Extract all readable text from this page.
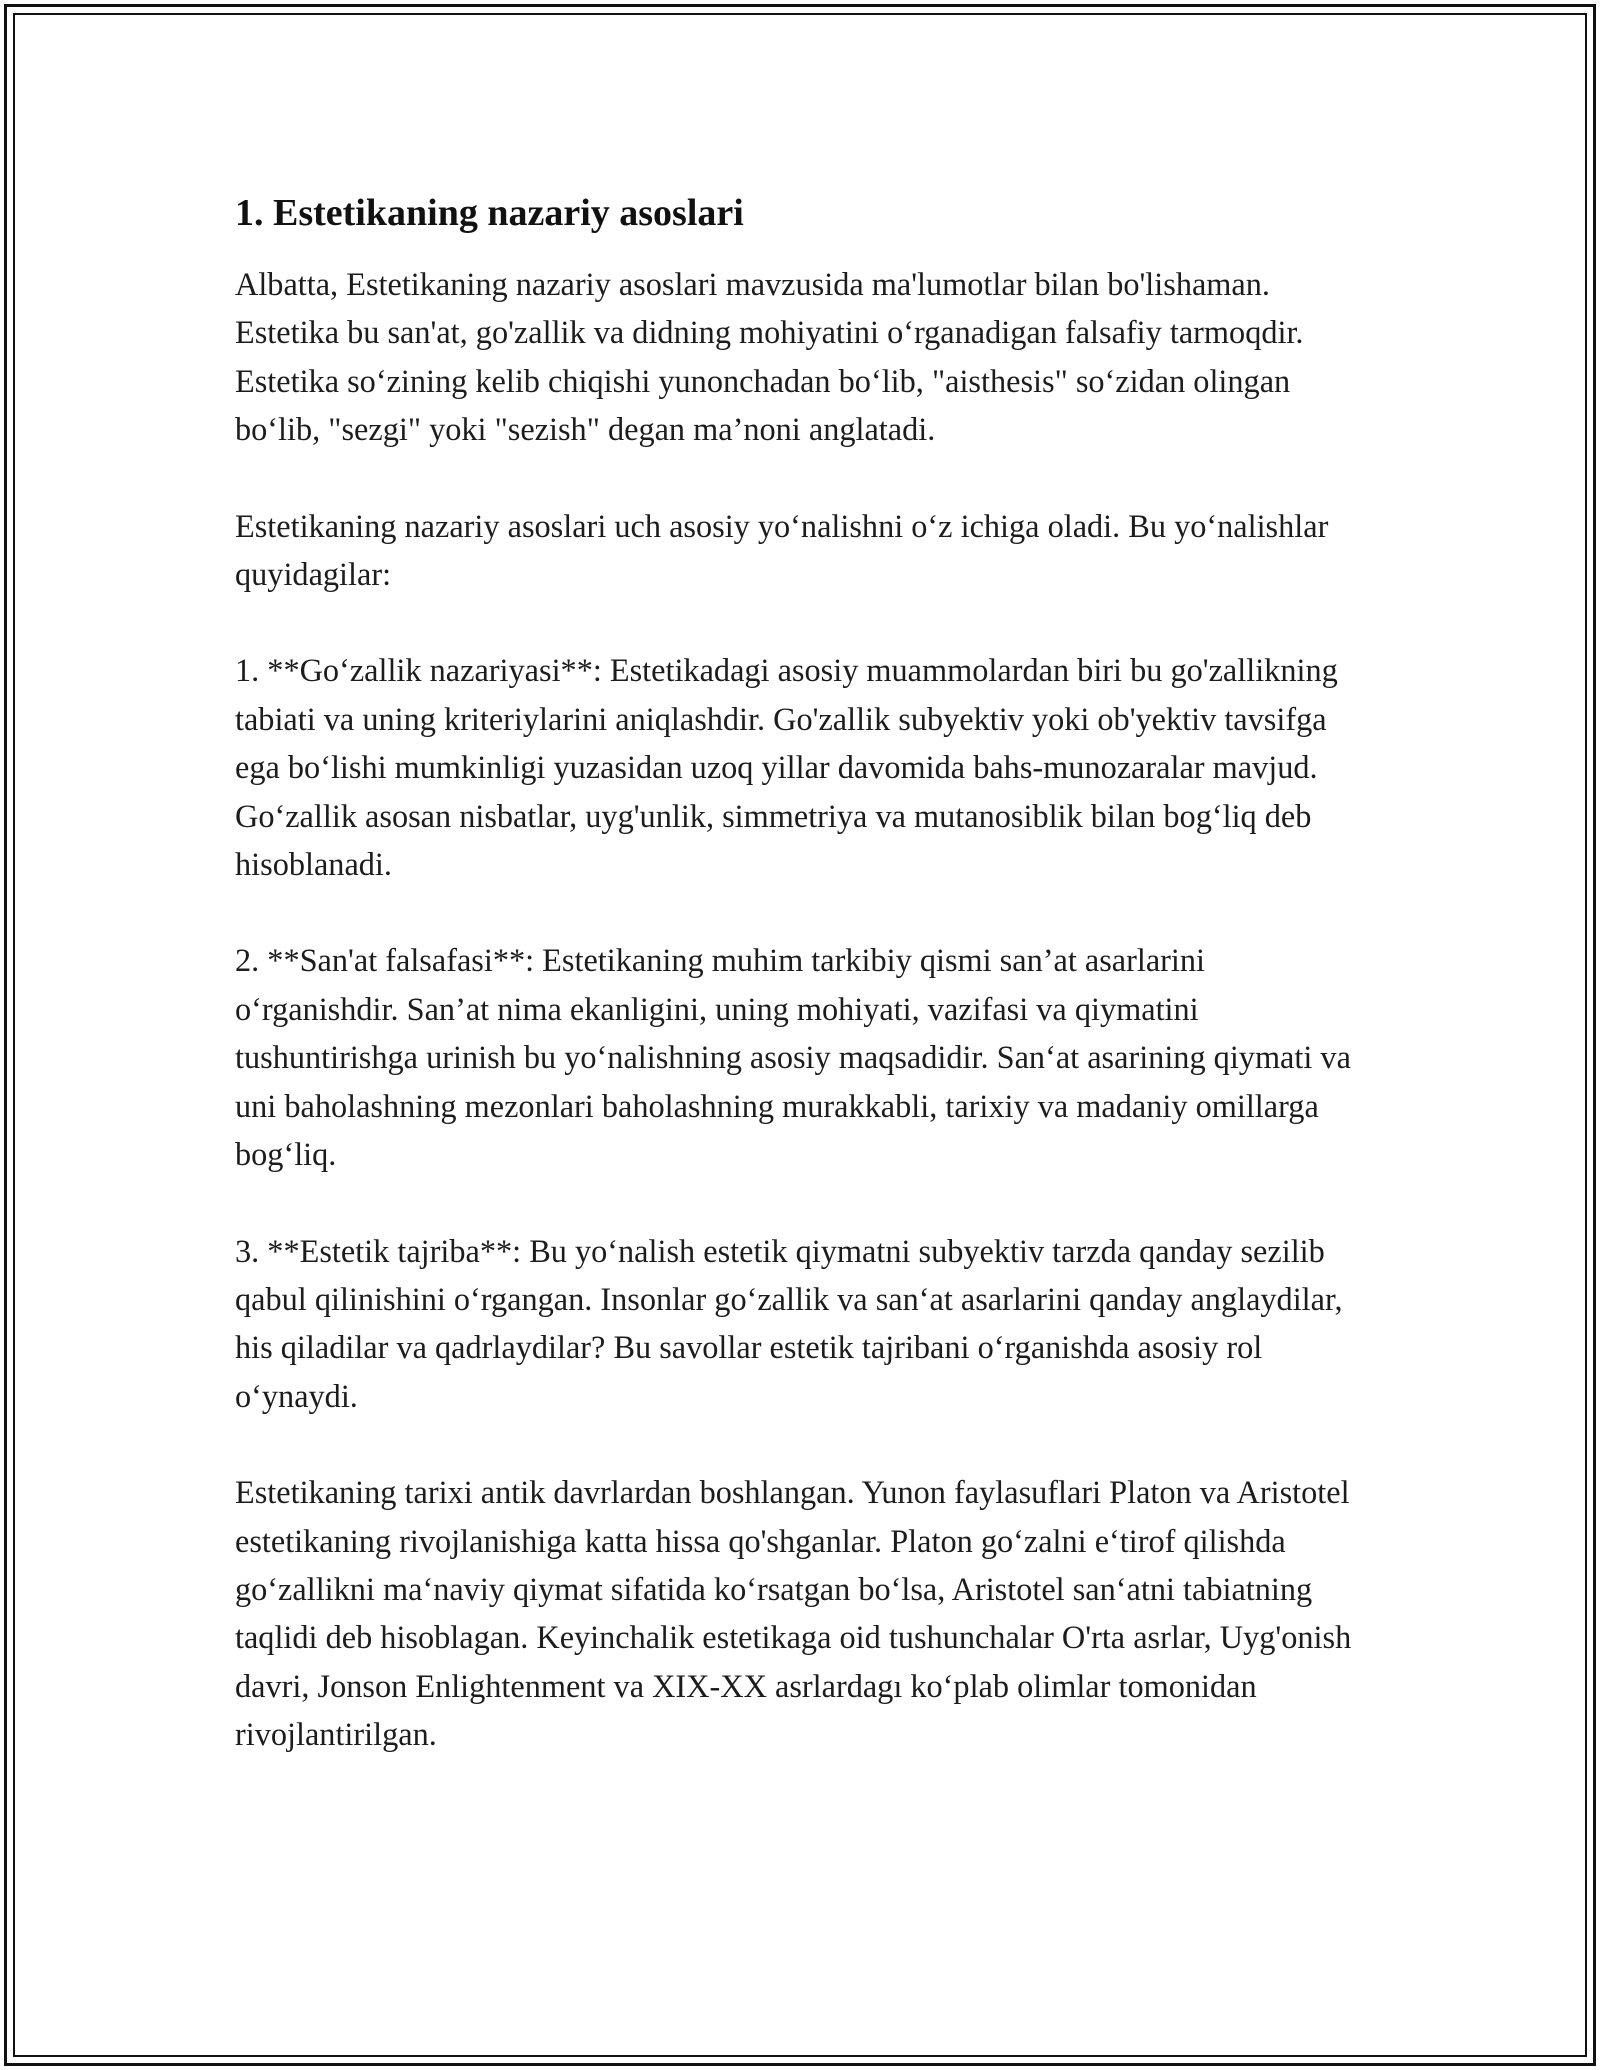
1. Estetikaning nazariy asoslari

Albatta, Estetikaning nazariy asoslari mavzusida ma'lumotlar bilan bo'lishaman. Estetika bu san'at, go'zallik va didning mohiyatini o‘rganadigan falsafiy tarmoqdir. Estetika so‘zining kelib chiqishi yunonchadan bo‘lib, "aisthesis" so‘zidan olingan bo‘lib, "sezgi" yoki "sezish" degan ma’noni anglatadi.

Estetikaning nazariy asoslari uch asosiy yo‘nalishni o‘z ichiga oladi. Bu yo‘nalishlar quyidagilar:

1. **Go‘zallik nazariyasi**: Estetikadagi asosiy muammolardan biri bu go'zallikning tabiati va uning kriteriylarini aniqlashdir. Go'zallik subyektiv yoki ob'yektiv tavsifga ega bo‘lishi mumkinligi yuzasidan uzoq yillar davomida bahs-munozaralar mavjud. Go‘zallik asosan nisbatlar, uyg'unlik, simmetriya va mutanosiblik bilan bog‘liq deb hisoblanadi.

2. **San'at falsafasi**: Estetikaning muhim tarkibiy qismi san’at asarlarini o‘rganishdir. San’at nima ekanligini, uning mohiyati, vazifasi va qiymatini tushuntirishga urinish bu yo‘nalishning asosiy maqsadidir. San‘at asarining qiymati va uni baholashning mezonlari baholashning murakkabli, tarixiy va madaniy omillarga bog‘liq.

3. **Estetik tajriba**: Bu yo‘nalish estetik qiymatni subyektiv tarzda qanday sezilib qabul qilinishini o‘rgangan. Insonlar go‘zallik va san‘at asarlarini qanday anglaydilar, his qiladilar va qadrlaydilar? Bu savollar estetik tajribani o‘rganishda asosiy rol o‘ynaydi.

Estetikaning tarixi antik davrlardan boshlangan. Yunon faylasuflari Platon va Aristotel estetikaning rivojlanishiga katta hissa qo'shganlar. Platon go‘zalni e‘tirof qilishda go‘zallikni ma‘naviy qiymat sifatida ko‘rsatgan bo‘lsa, Aristotel san‘atni tabiatning taqlidi deb hisoblagan. Keyinchalik estetikaga oid tushunchalar O'rta asrlar, Uyg'onish davri, Jonson Enlightenment va XIX-XX asrlardagı ko‘plab olimlar tomonidan rivojlantirilgan.
